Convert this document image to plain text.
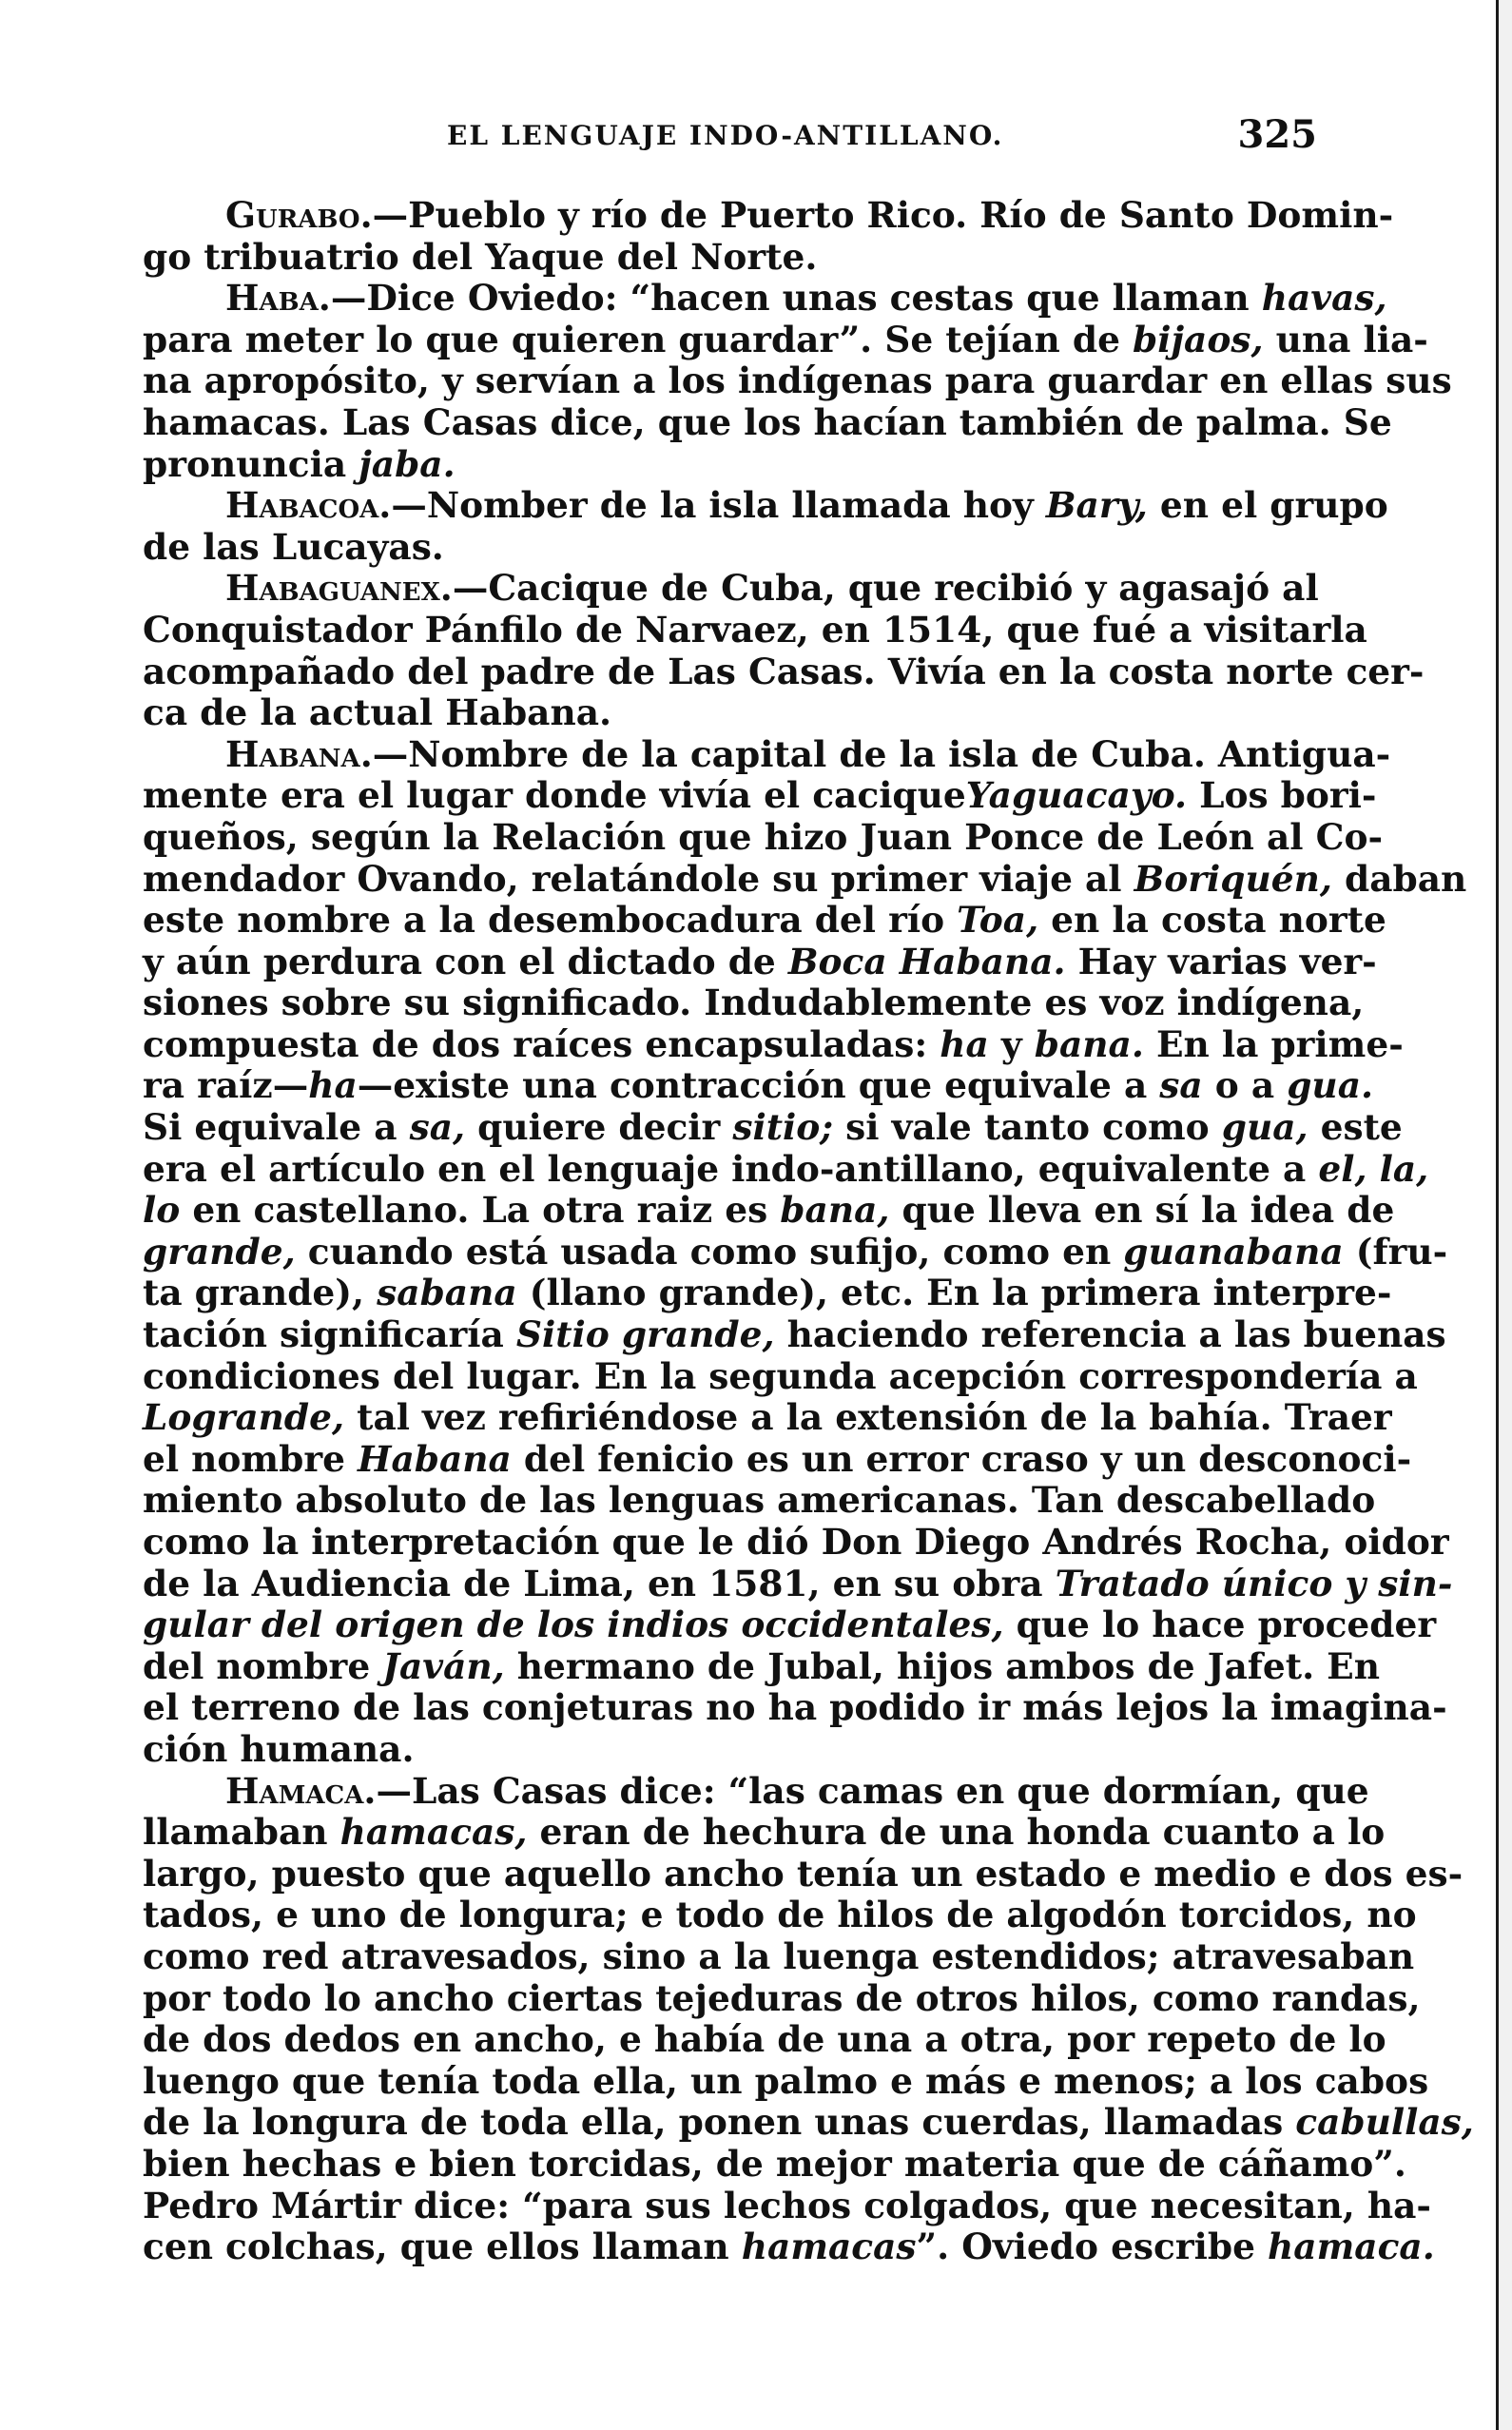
EL LENGUAJE INDO-ANTILLANO.	325
Gurabo.—Pueblo y río de Puerto Rico. Río de Santo Domin-
go tribuatrio del Yaque del Norte.
Haba.—Dice Oviedo: “hacen unas cestas que llaman havas,
para meter lo que quieren guardar”. Se tejían de bijaos, una lia-
na apropósito, y servían a los indígenas para guardar en ellas sus
hamacas. Las Casas dice, que los hacían también de palma. Se
pronuncia jaba.
Habacoa.—Nomber de la isla llamada hoy Bary, en el grupo
de las Lucayas.
Habaguanex.—Cacique de Cuba, que recibió y agasajó al
Conquistador Pánfilo de Narvaez, en 1514, que fué a visitarla
acompañado del padre de Las Casas. Vivía en la costa norte cer-
ca de la actual Habana.
Habana.—Nombre de la capital de la isla de Cuba. Antigua-
mente era el lugar donde vivía el caciqueYaguacayo. Los bori-
queños, según la Relación que hizo Juan Ponce de León al Co-
mendador Ovando, relatándole su primer viaje al Boriquén, daban
este nombre a la desembocadura del río Toa, en la costa norte
y aún perdura con el dictado de Boca Habana. Hay varias ver-
siones sobre su significado. Indudablemente es voz indígena,
compuesta de dos raíces encapsuladas: ha y bana. En la prime-
ra raíz—ha—existe una contracción que equivale a sa o a gua.
Si equivale a sa, quiere decir sitio; si vale tanto como gua, este
era el artículo en el lenguaje indo-antillano, equivalente a el, la,
lo en castellano. La otra raiz es bana, que lleva en sí la idea de
grande, cuando está usada como sufijo, como en guanabana (fru-
ta grande), sabana (llano grande), etc. En la primera interpre-
tación significaría Sitio grande, haciendo referencia a las buenas
condiciones del lugar. En la segunda acepción correspondería a
Logrande, tal vez refiriéndose a la extensión de la bahía. Traer
el nombre Habana del fenicio es un error craso y un desconoci-
miento absoluto de las lenguas americanas. Tan descabellado
como la interpretación que le dió Don Diego Andrés Rocha, oidor
de la Audiencia de Lima, en 1581, en su obra Tratado único y sin-
gular del origen de los indios occidentales, que lo hace proceder
del nombre Javán, hermano de Jubal, hijos ambos de Jafet. En
el terreno de las conjeturas no ha podido ir más lejos la imagina-
ción humana.
Hamaca.—Las Casas dice: “las camas en que dormían, que
llamaban hamacas, eran de hechura de una honda cuanto a lo
largo, puesto que aquello ancho tenía un estado e medio e dos es-
tados, e uno de longura; e todo de hilos de algodón torcidos, no
como red atravesados, sino a la luenga estendidos; atravesaban
por todo lo ancho ciertas tejeduras de otros hilos, como randas,
de dos dedos en ancho, e había de una a otra, por repeto de lo
luengo que tenía toda ella, un palmo e más e menos; a los cabos
de la longura de toda ella, ponen unas cuerdas, llamadas cabullas,
bien hechas e bien torcidas, de mejor materia que de cáñamo”.
Pedro Mártir dice: “para sus lechos colgados, que necesitan, ha-
cen colchas, que ellos llaman hamacas”. Oviedo escribe hamaca.
